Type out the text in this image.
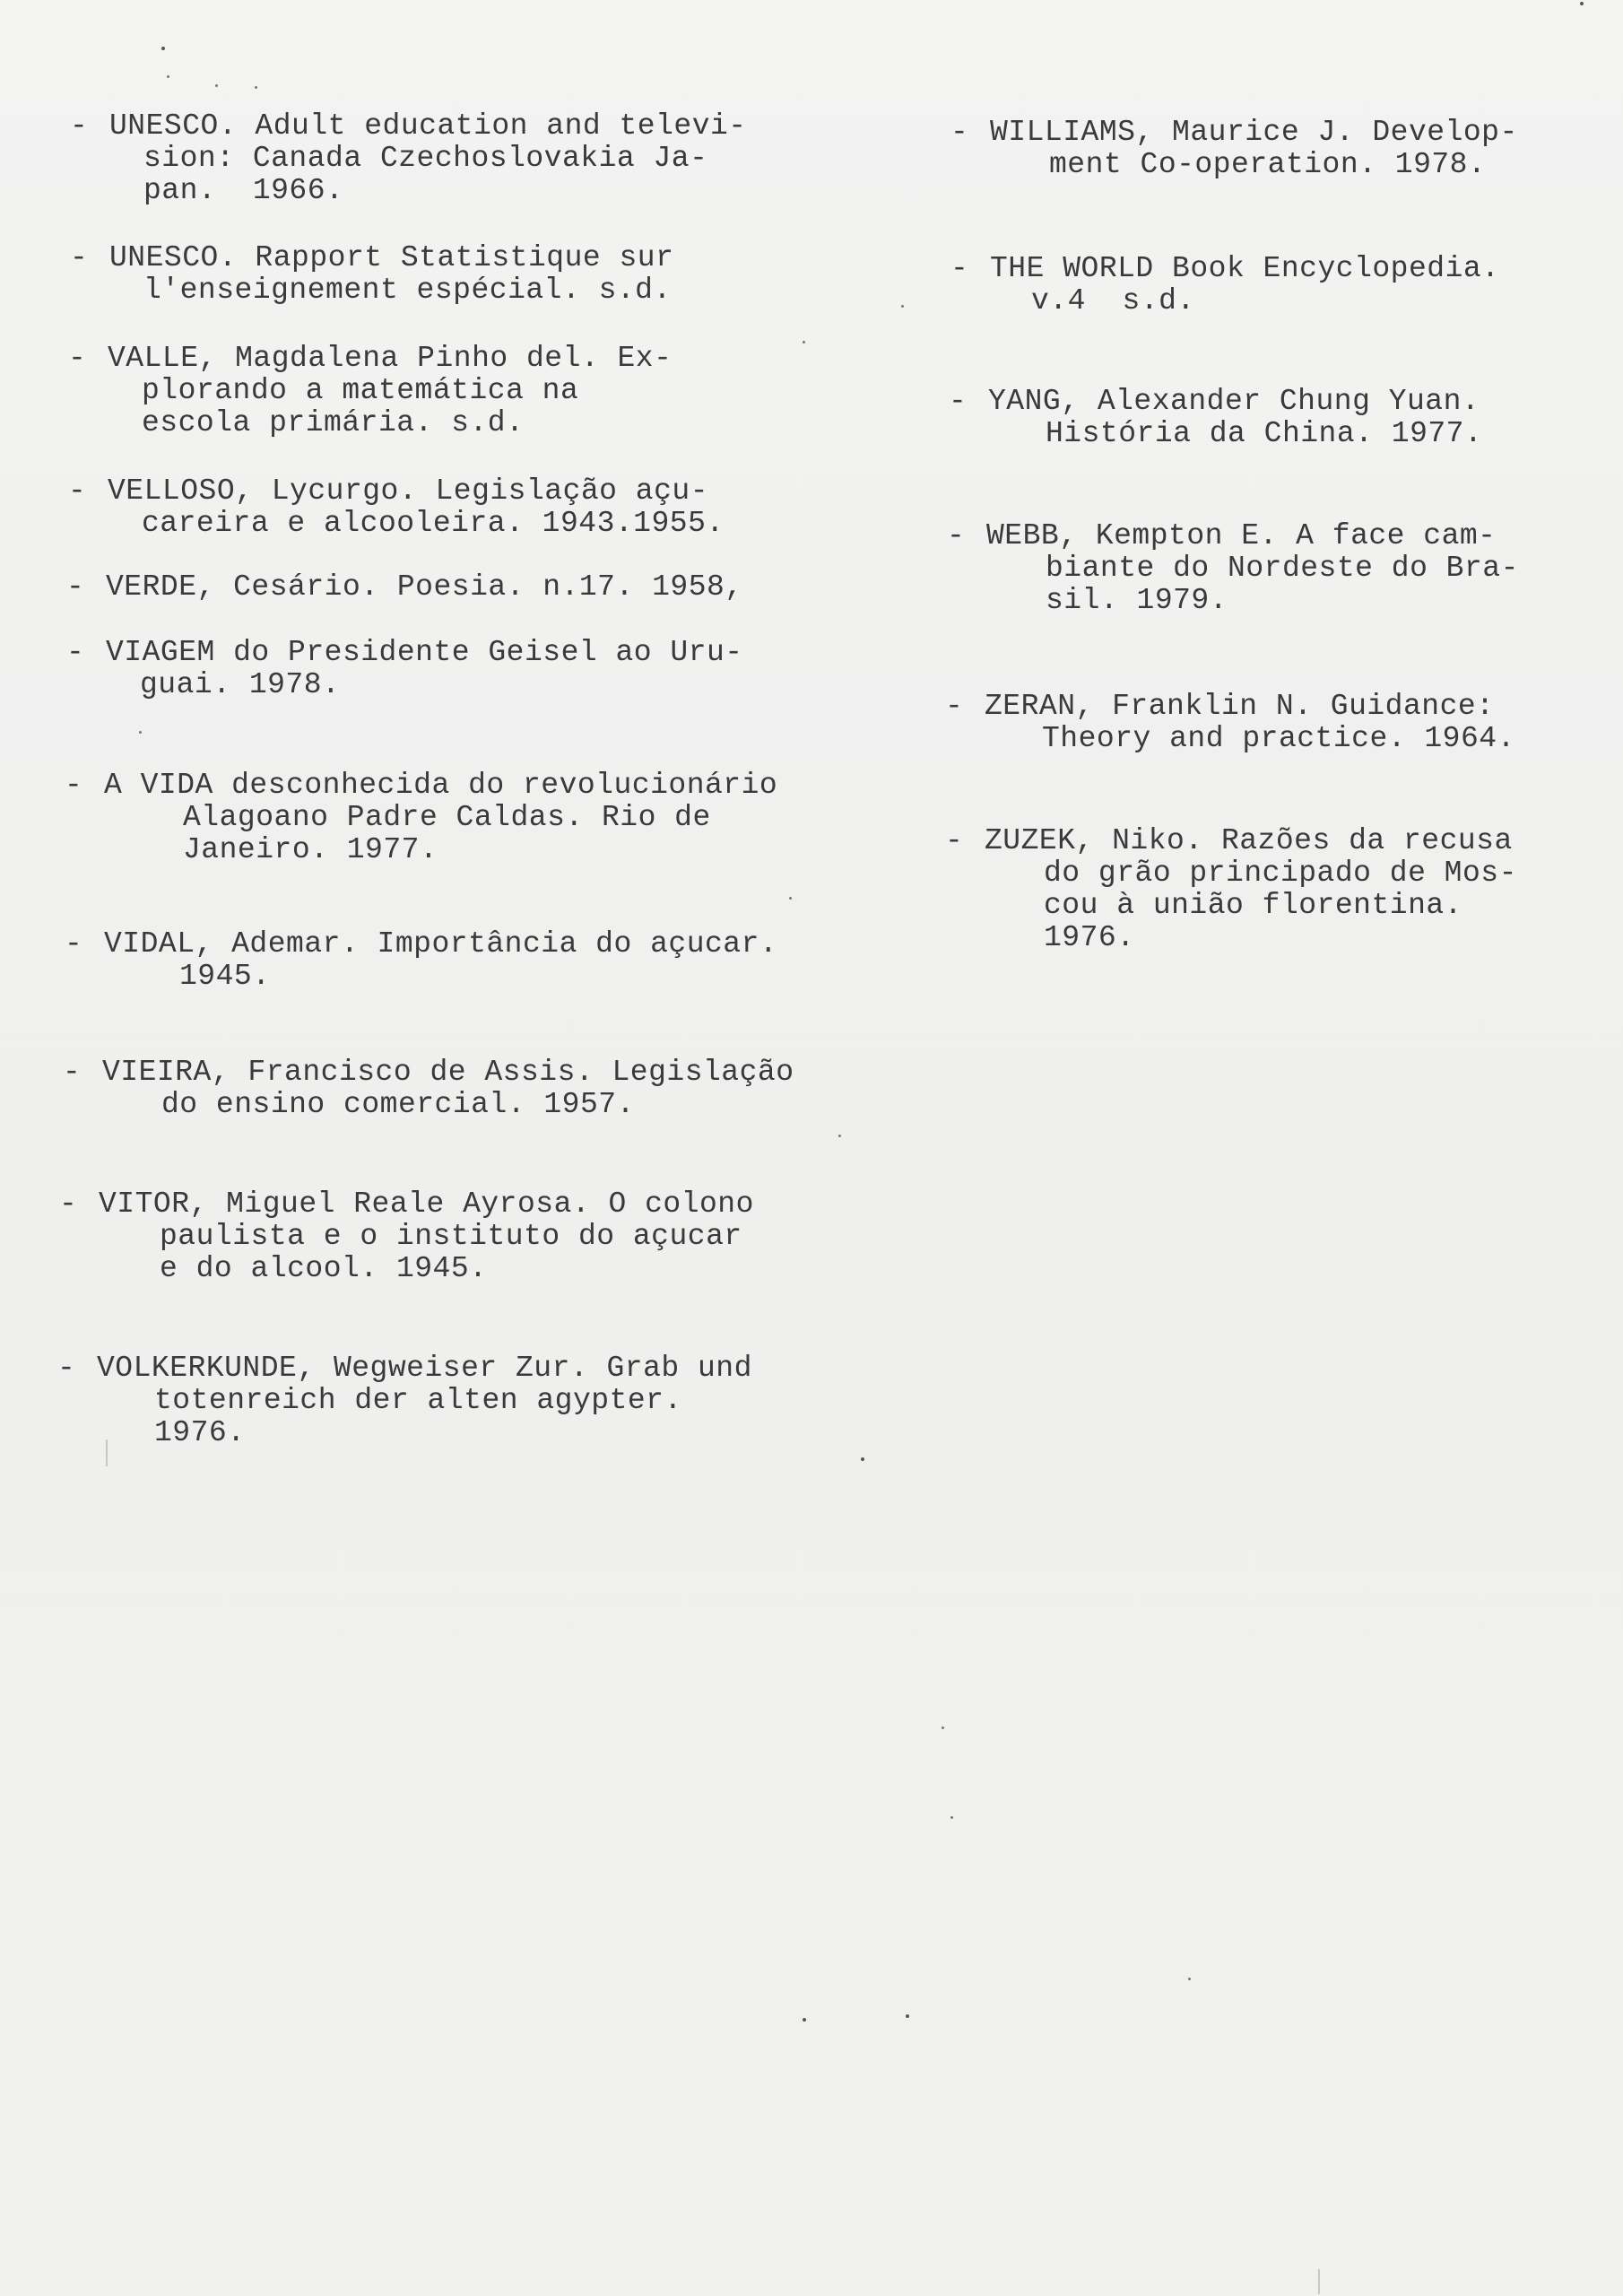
- UNESCO. Adult education and televi-
sion: Canada Czechoslovakia Ja-
pan.  1966.
- UNESCO. Rapport Statistique sur
l'enseignement espécial. s.d.
- VALLE, Magdalena Pinho del. Ex-
plorando a matemática na
escola primária. s.d.
- VELLOSO, Lycurgo. Legislação açu-
careira e alcooleira. 1943.1955.
- VERDE, Cesário. Poesia. n.17. 1958,
- VIAGEM do Presidente Geisel ao Uru-
guai. 1978.
- A VIDA desconhecida do revolucionário
Alagoano Padre Caldas. Rio de
Janeiro. 1977.
- VIDAL, Ademar. Importância do açucar.
1945.
- VIEIRA, Francisco de Assis. Legislação
do ensino comercial. 1957.
- VITOR, Miguel Reale Ayrosa. O colono
paulista e o instituto do açucar
e do alcool. 1945.
- VOLKERKUNDE, Wegweiser Zur. Grab und
totenreich der alten agypter.
1976.
- WILLIAMS, Maurice J. Develop-
ment Co-operation. 1978.
- THE WORLD Book Encyclopedia.
v.4  s.d.
- YANG, Alexander Chung Yuan.
História da China. 1977.
- WEBB, Kempton E. A face cam-
biante do Nordeste do Bra-
sil. 1979.
- ZERAN, Franklin N. Guidance:
Theory and practice. 1964.
- ZUZEK, Niko. Razões da recusa
do grão principado de Mos-
cou à união florentina.
1976.
